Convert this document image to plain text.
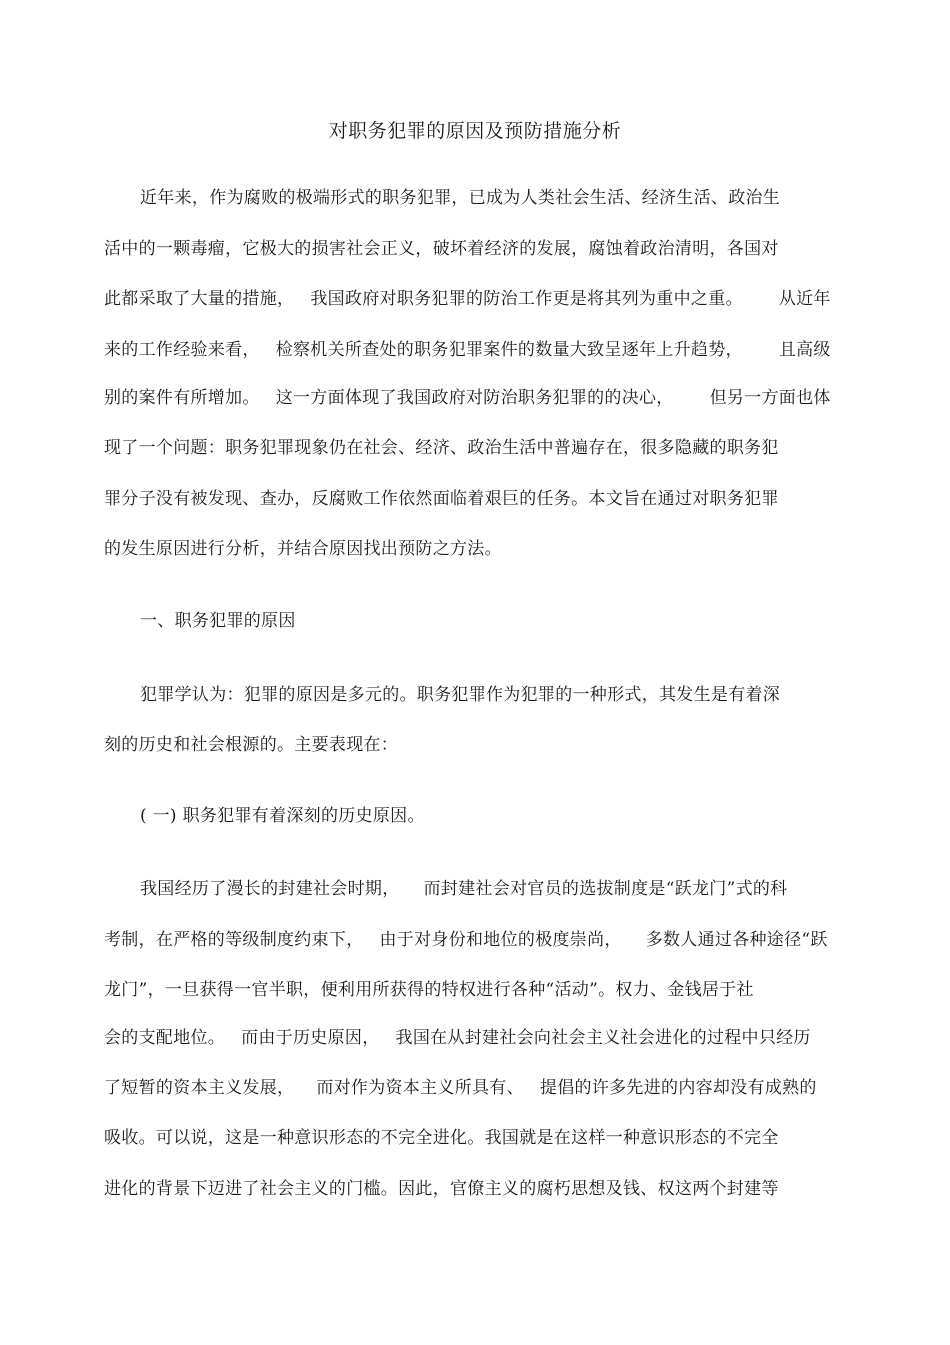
对职务犯罪的原因及预防措施分析
近年来，作为腐败的极端形式的职务犯罪，已成为人类社会生活、经济生活、政治生
活中的一颗毒瘤，它极大的损害社会正义，破坏着经济的发展，腐蚀着政治清明，各国对
此都采取了大量的措施， 我国政府对职务犯罪的防治工作更是将其列为重中之重。 从近年
来的工作经验来看， 检察机关所查处的职务犯罪案件的数量大致呈逐年上升趋势， 且高级
别的案件有所增加。 这一方面体现了我国政府对防治职务犯罪的的决心， 但另一方面也体
现了一个问题：职务犯罪现象仍在社会、经济、政治生活中普遍存在，很多隐藏的职务犯
罪分子没有被发现、查办，反腐败工作依然面临着艰巨的任务。本文旨在通过对职务犯罪
的发生原因进行分析，并结合原因找出预防之方法。
一、职务犯罪的原因
犯罪学认为：犯罪的原因是多元的。职务犯罪作为犯罪的一种形式，其发生是有着深
刻的历史和社会根源的。主要表现在：
( 一) 职务犯罪有着深刻的历史原因。
我国经历了漫长的封建社会时期， 而封建社会对官员的选拔制度是“跃龙门”式的科
考制，在严格的等级制度约束下， 由于对身份和地位的极度崇尚， 多数人通过各种途径“跃
龙门”，一旦获得一官半职，便利用所获得的特权进行各种“活动”。权力、金钱居于社
会的支配地位。 而由于历史原因， 我国在从封建社会向社会主义社会进化的过程中只经历
了短暂的资本主义发展， 而对作为资本主义所具有、 提倡的许多先进的内容却没有成熟的
吸收。可以说，这是一种意识形态的不完全进化。我国就是在这样一种意识形态的不完全
进化的背景下迈进了社会主义的门槛。因此，官僚主义的腐朽思想及钱、权这两个封建等
